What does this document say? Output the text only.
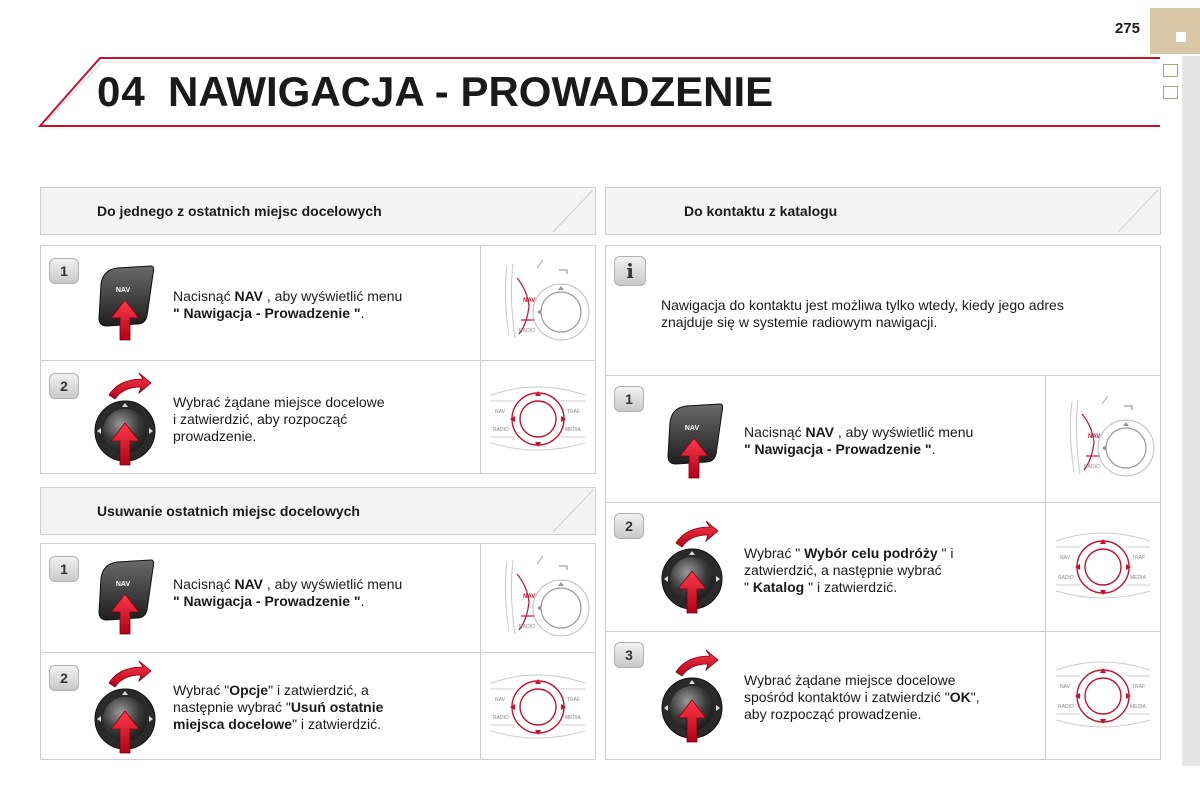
275
04 NAWIGACJA - PROWADZENIE
Do jednego z ostatnich miejsc docelowych
1
NAV	Nacisnąć NAV , aby wyświetlić menu
" Nawigacja - Prowadzenie ".
NAV
RADIO
2
Wybrać żądane miejsce docelowe
i zatwierdzić, aby rozpocząć
prowadzenie.
NAV	TRAF
RADIO	MEDIA
Usuwanie ostatnich miejsc docelowych
1
NAV	Nacisnąć NAV , aby wyświetlić menu
" Nawigacja - Prowadzenie ".	NAV
RADIO
2
Wybrać "Opcje" i zatwierdzić, a
następnie wybrać "Usuń ostatnie
miejsca docelowe" i zatwierdzić.
NAV	TRAF
RADIO	MEDIA
Do kontaktu z katalogu
i
Nawigacja do kontaktu jest możliwa tylko wtedy, kiedy jego adres
znajduje się w systemie radiowym nawigacji.
1
NAV	Nacisnąć NAV , aby wyświetlić menu
" Nawigacja - Prowadzenie ".
NAV
RADIO
2
Wybrać " Wybór celu podróży " i
zatwierdzić, a następnie wybrać
" Katalog " i zatwierdzić.
NAV	TRAF
RADIO	MEDIA
3
Wybrać żądane miejsce docelowe
spośród kontaktów i zatwierdzić "OK",
aby rozpocząć prowadzenie.
NAV	TRAF
RADIO	MEDIA
